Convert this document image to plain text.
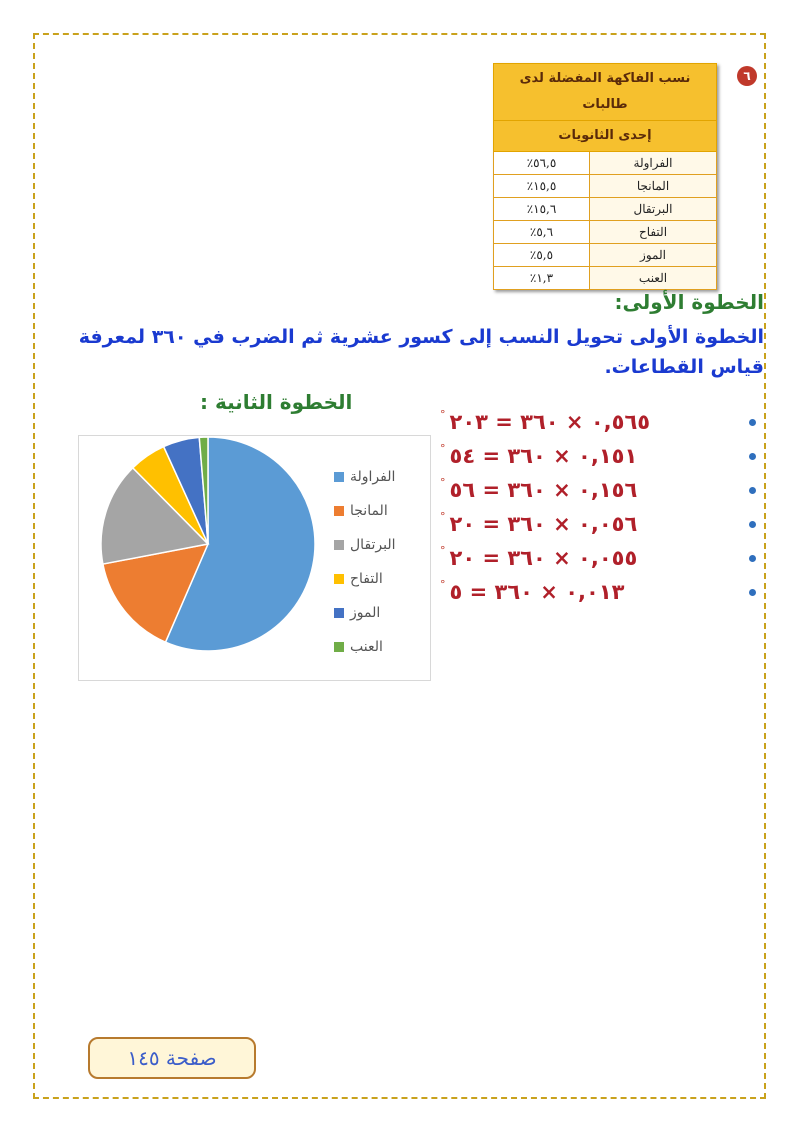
٦
نسب الفاكهة المفضلة لدى طالبات	
إحدى الثانويات	
الفراولة	٪٥٦,٥
المانجا	٪١٥,٥
البرتقال	٪١٥,٦
التفاح	٪٥,٦
الموز	٪٥,٥
العنب	٪١,٣
الخطوة الأولى:
الخطوة الأولى تحويل النسب إلى كسور عشرية ثم الضرب في ٣٦٠ لمعرفة قياس القطاعات.
الخطوة الثانية :	° ٠,٥٦٥ × ٣٦٠ = ٢٠٣
° ٠,١٥١ × ٣٦٠ = ٥٤
° ٠,١٥٦ × ٣٦٠ = ٥٦
° ٠,٠٥٦ × ٣٦٠ = ٢٠
° ٠,٠٥٥ × ٣٦٠ = ٢٠
° ٠,٠١٣ × ٣٦٠ = ٥
الفراولة
المانجا
البرتقال
التفاح
الموز
العنب
صفحة ١٤٥
